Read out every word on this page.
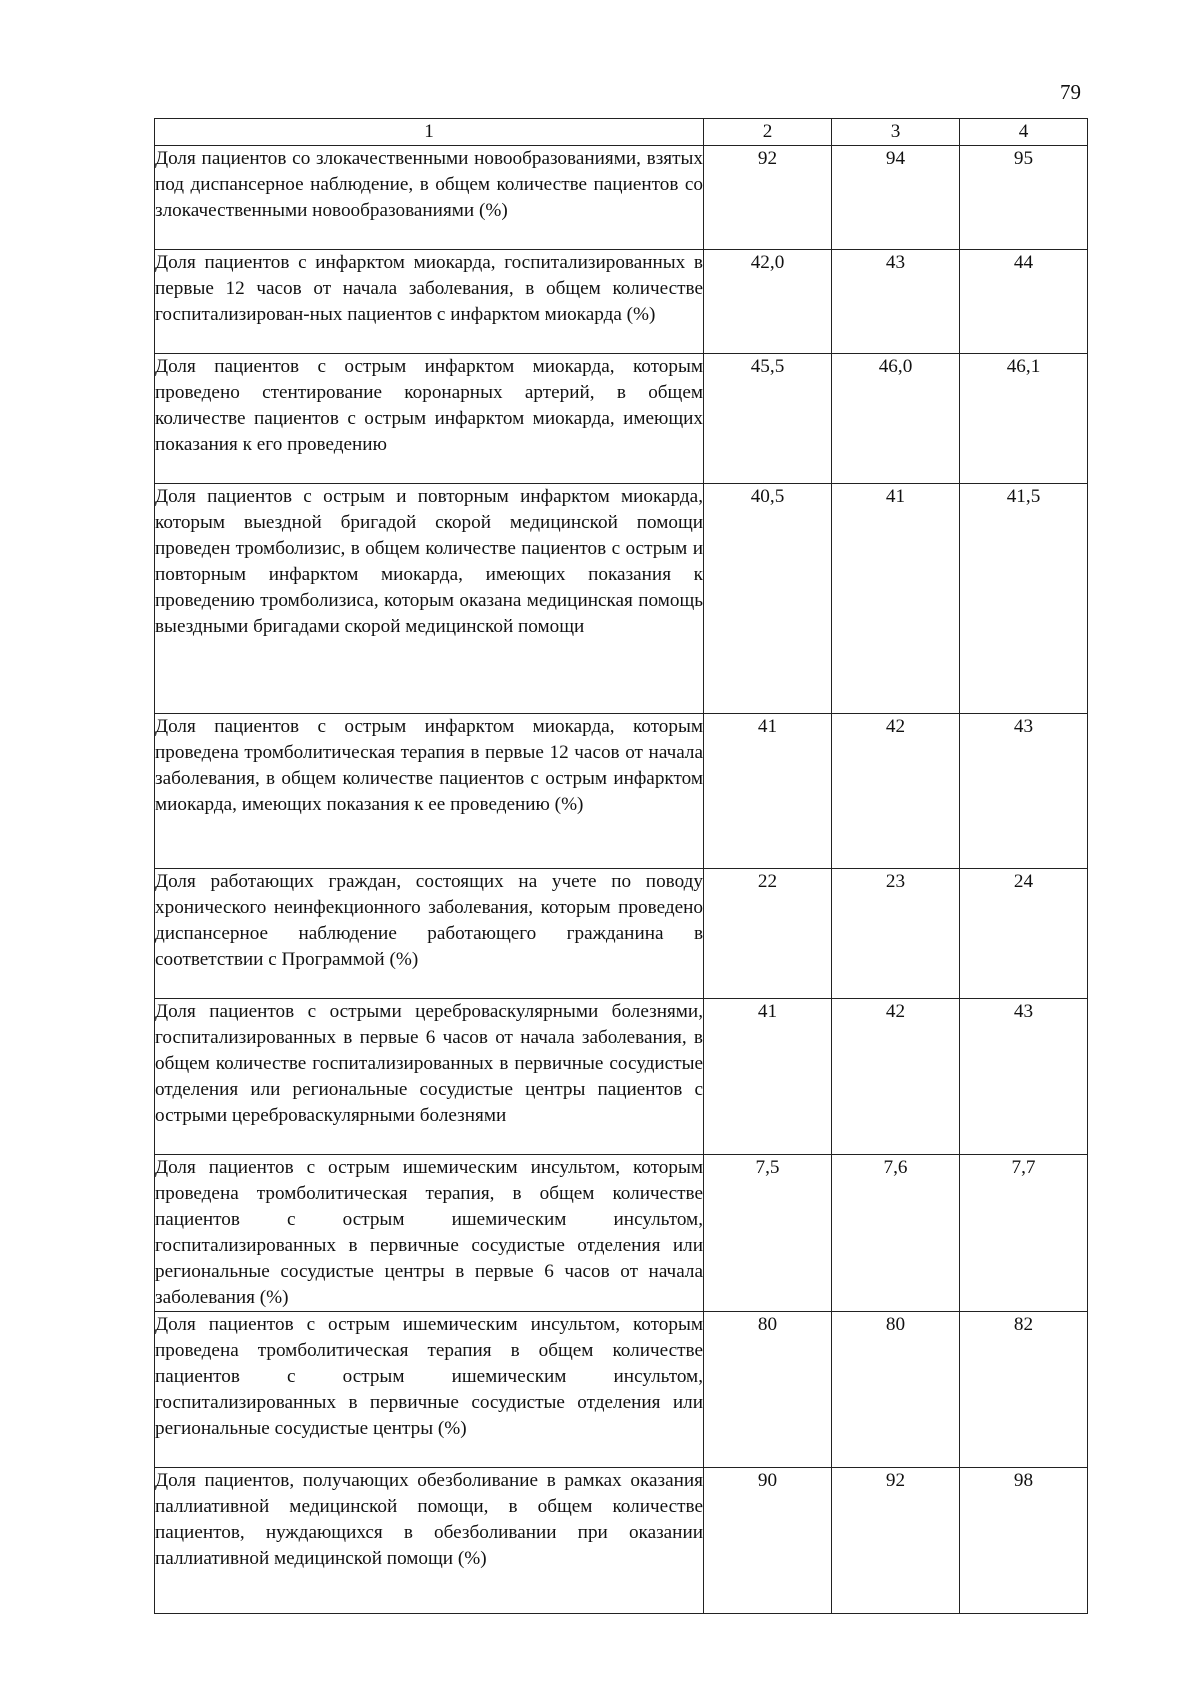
79
1	2	3	4
Доля пациентов со злокачественными новообразованиями, взятых под диспансерное наблюдение, в общем количестве пациентов со злокачественными новообразованиями (%)	92	94	95
Доля пациентов с инфарктом миокарда, госпитализированных в первые 12 часов от начала заболевания, в общем количестве госпитализирован-ных пациентов с инфарктом миокарда (%)	42,0	43	44
Доля пациентов с острым инфарктом миокарда, которым проведено стентирование коронарных артерий, в общем количестве пациентов с острым инфарктом миокарда, имеющих показания к его проведению	45,5	46,0	46,1
Доля пациентов с острым и повторным инфарктом миокарда, которым выездной бригадой скорой медицинской помощи проведен тромболизис, в общем количестве пациентов с острым и повторным инфарктом миокарда, имеющих показания к проведению тромболизиса, которым оказана медицинская помощь выездными бригадами скорой медицинской помощи	40,5	41	41,5
Доля пациентов с острым инфарктом миокарда, которым проведена тромболитическая терапия в первые 12 часов от начала заболевания, в общем количестве пациентов с острым инфарктом миокарда, имеющих показания к ее проведению (%)	41	42	43
Доля работающих граждан, состоящих на учете по поводу хронического неинфекционного заболевания, которым проведено диспансерное наблюдение работающего гражданина в соответствии с Программой (%)	22	23	24
Доля пациентов с острыми цереброваскулярными болезнями, госпитализированных в первые 6 часов от начала заболевания, в общем количестве госпитализированных в первичные сосудистые отделения или региональные сосудистые центры пациентов с острыми цереброваскулярными болезнями	41	42	43
Доля пациентов с острым ишемическим инсультом, которым проведена тромболитическая терапия, в общем количестве пациентов с острым ишемическим инсультом, госпитализированных в первичные сосудистые отделения или региональные сосудистые центры в первые 6 часов от начала заболевания (%)	7,5	7,6	7,7
Доля пациентов с острым ишемическим инсультом, которым проведена тромболитическая терапия в общем количестве пациентов с острым ишемическим инсультом, госпитализированных в первичные сосудистые отделения или региональные сосудистые центры (%)	80	80	82
Доля пациентов, получающих обезболивание в рамках оказания паллиативной медицинской помощи, в общем количестве пациентов, нуждающихся в обезболивании при оказании паллиативной медицинской помощи (%)	90	92	98
